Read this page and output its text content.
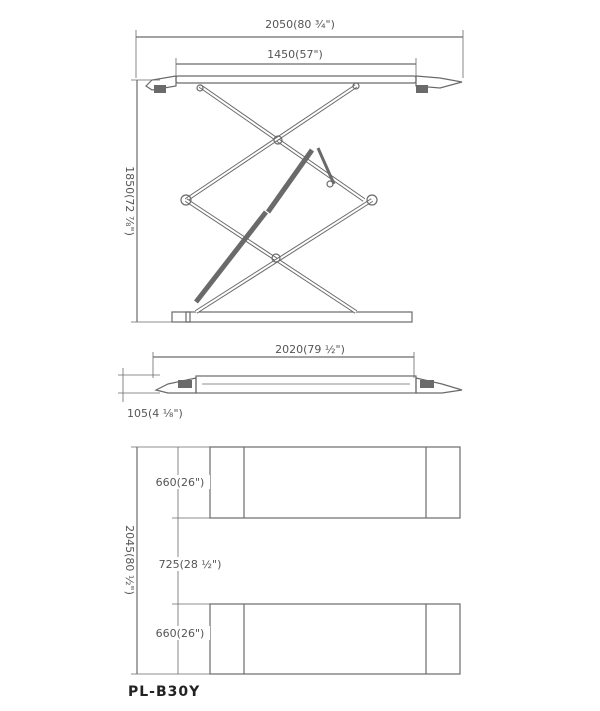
2050(80 ³⁄₄")
1450(57")
1850(72 ⁷⁄₈")
2020(79 ½")
105(4 ¹⁄₈")
2045(80 ½")
660(26")
725(28 ½")
660(26")
PL-B30Y
